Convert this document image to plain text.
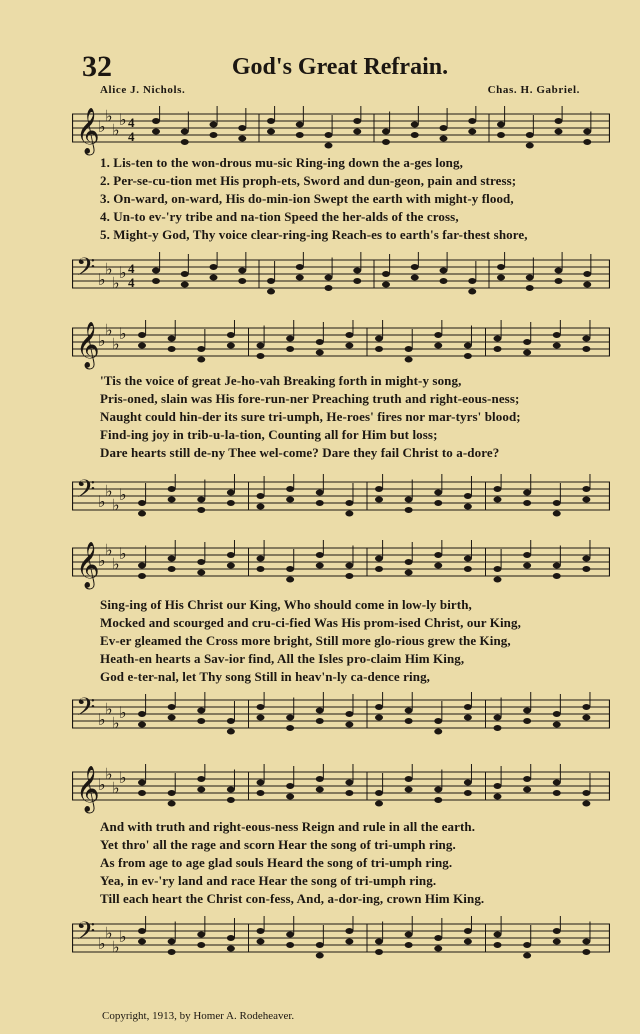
32	God's Great Refrain.
Alice J. Nichols.	Chas. H. Gabriel.
𝄞
♭
♭
♭
♭ 4
4
1. Lis-ten to the won-drous mu-sic Ring-ing down the a-ges long,
2. Per-se-cu-tion met His proph-ets, Sword and dun-geon, pain and stress;
3. On-ward, on-ward, His do-min-ion Swept the earth with might-y flood,
4. Un-to ev-'ry tribe and na-tion Speed the her-alds of the cross,
5. Might-y God, Thy voice clear-ring-ing Reach-es to earth's far-thest shore,
𝄢 ♭
♭
♭
♭ 4
4
𝄞
♭
♭
♭
♭
'Tis the voice of great Je-ho-vah Breaking forth in might-y song,
Pris-oned, slain was His fore-run-ner Preaching truth and right-eous-ness;
Naught could hin-der its sure tri-umph, He-roes' fires nor mar-tyrs' blood;
Find-ing joy in trib-u-la-tion, Counting all for Him but loss;
Dare hearts still de-ny Thee wel-come? Dare they fail Christ to a-dore?
𝄢 ♭
♭
♭
♭
𝄞
♭
♭
♭
♭
Sing-ing of His Christ our King, Who should come in low-ly birth,
Mocked and scourged and cru-ci-fied Was His prom-ised Christ, our King,
Ev-er gleamed the Cross more bright, Still more glo-rious grew the King,
Heath-en hearts a Sav-ior find, All the Isles pro-claim Him King,
God e-ter-nal, let Thy song Still in heav'n-ly ca-dence ring,
𝄢 ♭
♭
♭
♭
𝄞
♭
♭
♭
♭
And with truth and right-eous-ness Reign and rule in all the earth.
Yet thro' all the rage and scorn Hear the song of tri-umph ring.
As from age to age glad souls Heard the song of tri-umph ring.
Yea, in ev-'ry land and race Hear the song of tri-umph ring.
Till each heart the Christ con-fess, And, a-dor-ing, crown Him King.
𝄢 ♭
♭
♭
♭
Copyright, 1913, by Homer A. Rodeheaver.
